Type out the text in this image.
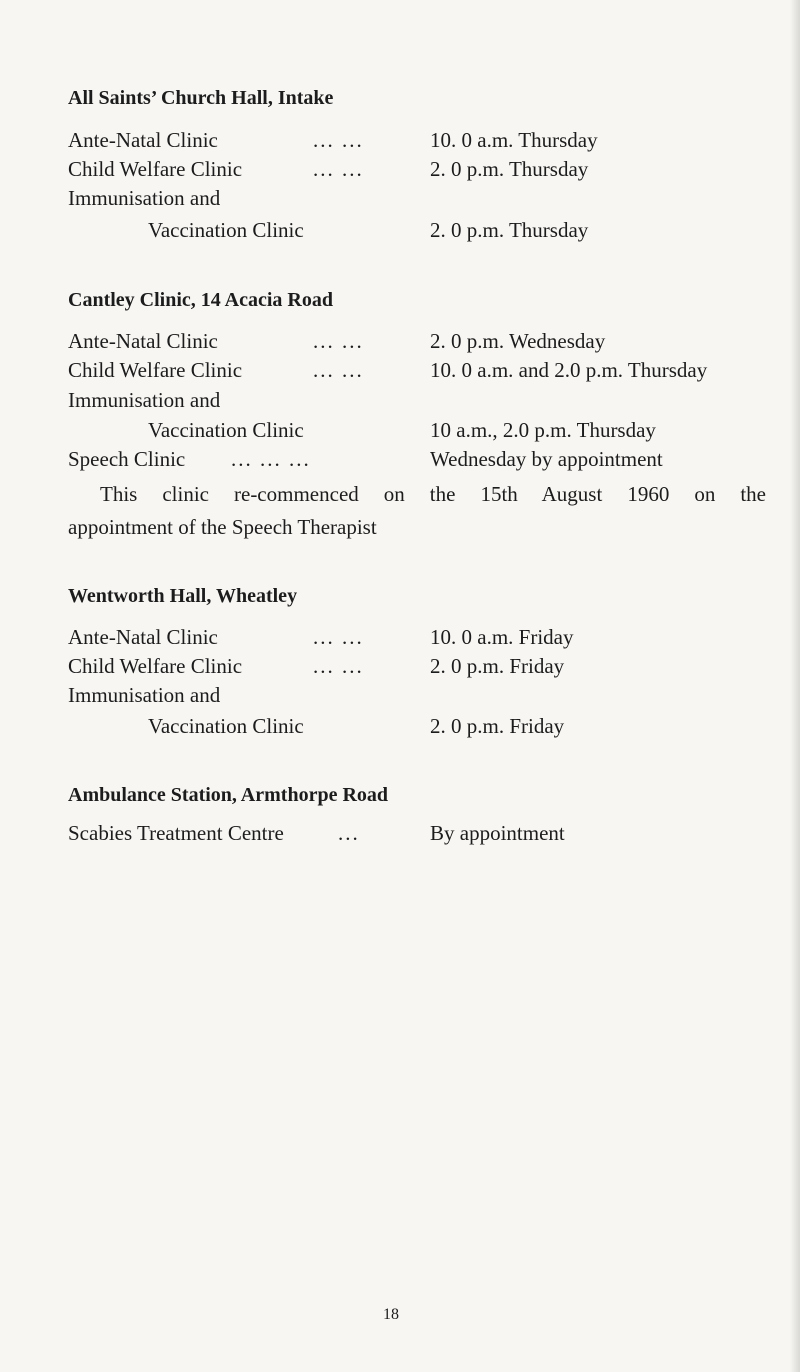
All Saints’ Church Hall, Intake
Ante-Natal Clinic	... ...	10. 0 a.m. Thursday
Child Welfare Clinic	... ...	2. 0 p.m. Thursday
Immunisation and
Vaccination Clinic	2. 0 p.m. Thursday
Cantley Clinic, 14 Acacia Road
Ante-Natal Clinic	... ...	2. 0 p.m. Wednesday
Child Welfare Clinic	... ...	10. 0 a.m. and 2.0 p.m. Thursday
Immunisation and
Vaccination Clinic	10 a.m., 2.0 p.m. Thursday
Speech Clinic ... ... ...	Wednesday by appointment
This clinic re-commenced on the 15th August 1960 on the
appointment of the Speech Therapist
Wentworth Hall, Wheatley
Ante-Natal Clinic	... ...	10. 0 a.m. Friday
Child Welfare Clinic	... ...	2. 0 p.m. Friday
Immunisation and
Vaccination Clinic	2. 0 p.m. Friday
Ambulance Station, Armthorpe Road
Scabies Treatment Centre	...	By appointment
18
